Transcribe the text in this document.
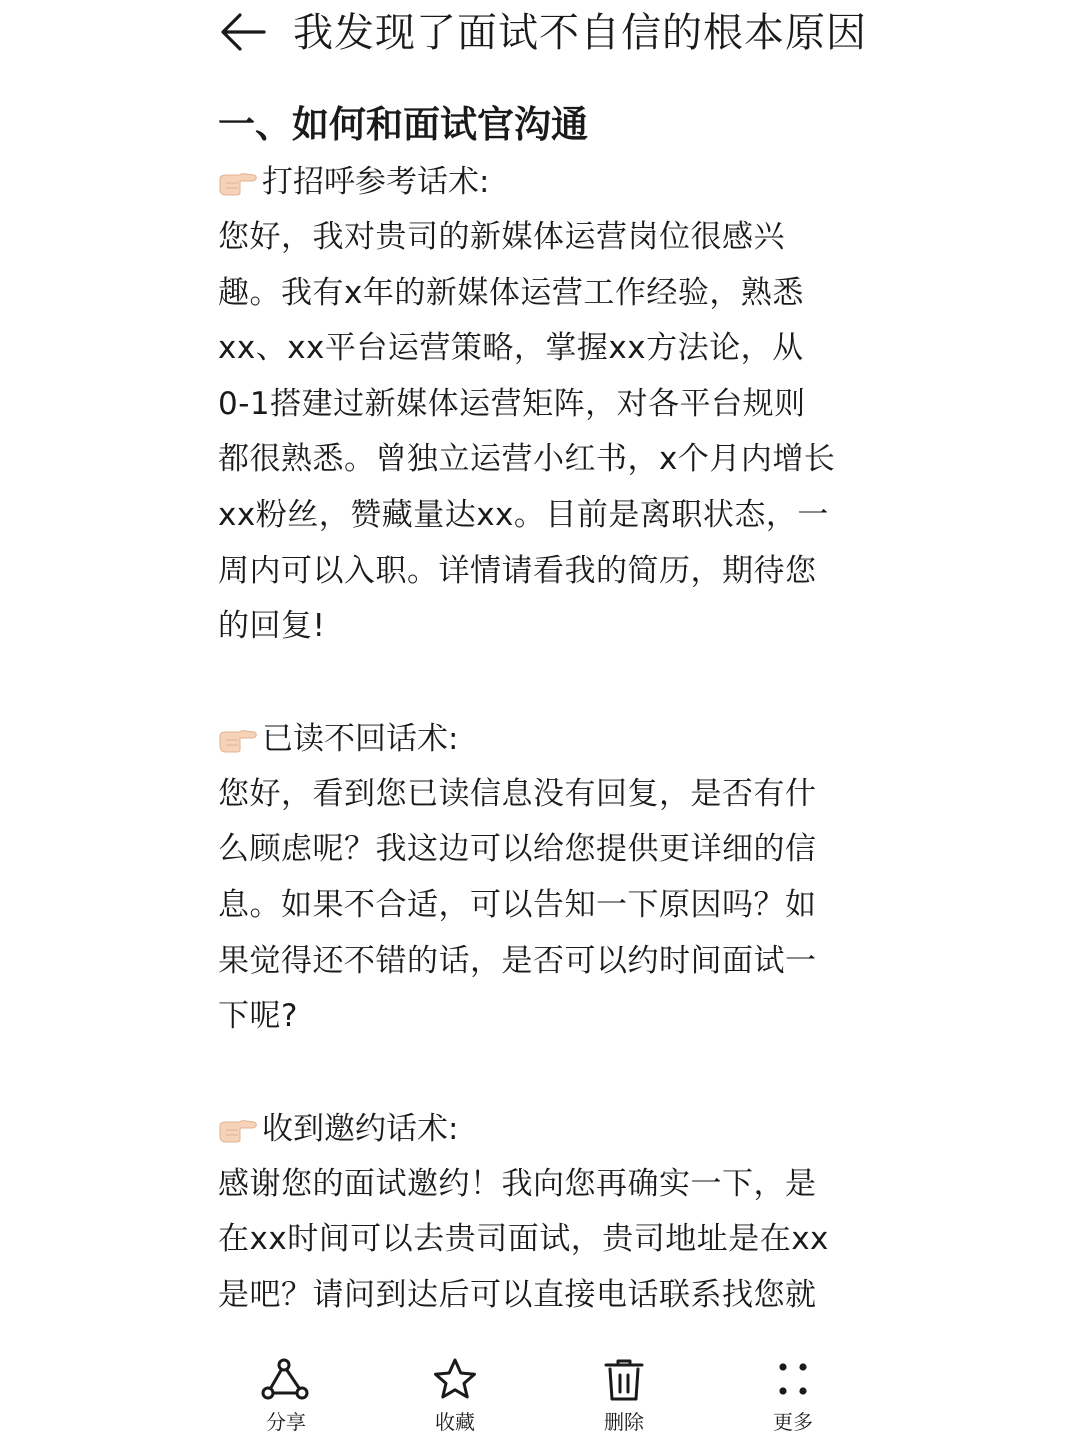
我发现了面试不自信的根本原因
一、如何和面试官沟通
打招呼参考话术:

您好，我对贵司的新媒体运营岗位很感兴
趣。我有x年的新媒体运营工作经验，熟悉
xx、xx平台运营策略，掌握xx方法论，从
0-1搭建过新媒体运营矩阵，对各平台规则
都很熟悉。曾独立运营小红书，x个月内增长
xx粉丝，赞藏量达xx。目前是离职状态，一
周内可以入职。详情请看我的简历，期待您
的回复!

已读不回话术:

您好，看到您已读信息没有回复，是否有什
么顾虑呢？我这边可以给您提供更详细的信
息。如果不合适，可以告知一下原因吗？如
果觉得还不错的话，是否可以约时间面试一
下呢?

收到邀约话术:

感谢您的面试邀约！我向您再确实一下，是
在xx时间可以去贵司面试，贵司地址是在xx
是吧？请问到达后可以直接电话联系找您就

分享	收藏	删除	更多
